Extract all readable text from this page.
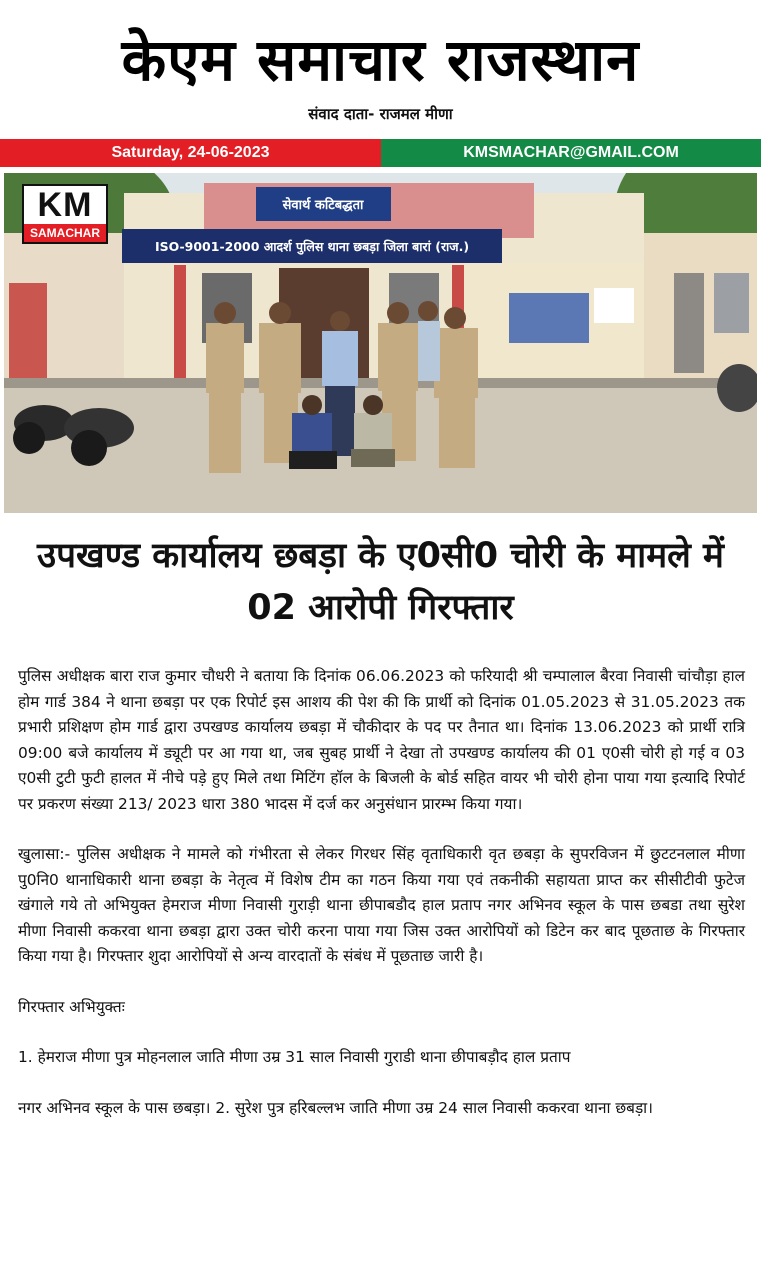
केएम समाचार राजस्थान
संवाद दाता- राजमल मीणा
Saturday, 24-06-2023	KMSMACHAR@GMAIL.COM
सेवार्थ कटिबद्धता
ISO-9001-2000 आदर्श पुलिस थाना छबड़ा जिला बारां (राज.)
KM
SAMACHAR
उपखण्ड कार्यालय छबड़ा के ए0सी0 चोरी के मामले में 02 आरोपी गिरफ्तार

पुलिस अधीक्षक बारा राज कुमार चौधरी ने बताया कि दिनांक 06.06.2023 को फरियादी श्री चम्पालाल बैरवा निवासी चांचौड़ा हाल होम गार्ड 384 ने थाना छबड़ा पर एक रिपोर्ट इस आशय की पेश की कि प्रार्थी को दिनांक 01.05.2023 से 31.05.2023 तक प्रभारी प्रशिक्षण होम गार्ड द्वारा उपखण्ड कार्यालय छबड़ा में चौकीदार के पद पर तैनात था। दिनांक 13.06.2023 को प्रार्थी रात्रि 09:00 बजे कार्यालय में ड्यूटी पर आ गया था, जब सुबह प्रार्थी ने देखा तो उपखण्ड कार्यालय की 01 ए0सी चोरी हो गई व 03 ए0सी टुटी फुटी हालत में नीचे पड़े हुए मिले तथा मिटिंग हॉल के बिजली के बोर्ड सहित वायर भी चोरी होना पाया गया इत्यादि रिपोर्ट पर प्रकरण संख्या 213/ 2023 धारा 380 भादस में दर्ज कर अनुसंधान प्रारम्भ किया गया।

खुलासा:- पुलिस अधीक्षक ने मामले को गंभीरता से लेकर गिरधर सिंह वृताधिकारी वृत छबड़ा के सुपरविजन में छुटटनलाल मीणा पु0नि0 थानाधिकारी थाना छबड़ा के नेतृत्व में विशेष टीम का गठन किया गया एवं तकनीकी सहायता प्राप्त कर सीसीटीवी फुटेज खंगाले गये तो अभियुक्त हेमराज मीणा निवासी गुराड़ी थाना छीपाबडौद हाल प्रताप नगर अभिनव स्कूल के पास छबडा तथा सुरेश मीणा निवासी ककरवा थाना छबड़ा द्वारा उक्त चोरी करना पाया गया जिस उक्त आरोपियों को डिटेन कर बाद पूछताछ के गिरफ्तार किया गया है। गिरफ्तार शुदा आरोपियों से अन्य वारदातों के संबंध में पूछताछ जारी है।

गिरफ्तार अभियुक्तः

1. हेमराज मीणा पुत्र मोहनलाल जाति मीणा उम्र 31 साल निवासी गुराडी थाना छीपाबड़ौद हाल प्रताप

नगर अभिनव स्कूल के पास छबड़ा। 2. सुरेश पुत्र हरिबल्लभ जाति मीणा उम्र 24 साल निवासी ककरवा थाना छबड़ा।
